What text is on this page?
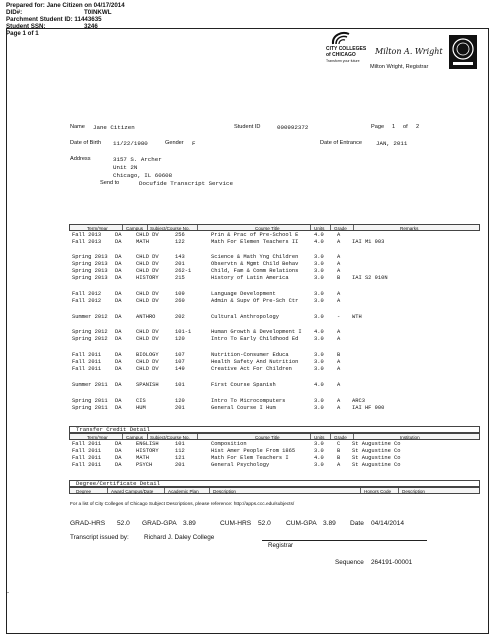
Prepared for: Jane Citizen on 04/17/2014
DID#:	T0INKWL
Parchment Student ID: 11443635
Student SSN:	3246
Page 1 of 1
CITY COLLEGES of CHICAGO
Transform your future
Milton A. Wright
Milton Wright, Registrar
Name Jane Citizen	Student ID	000992372	Page 1 of 2
Date of Birth 11/22/1980	Gender F	Date of Entrance JAN, 2011
Address	3157 S. Archer
Unit 2N
Chicago, IL 60608
Send to	Docufide Transcript Service
Term/Year	Campus Subject/Course No.	Course Title	Units Grade	Remarks
Fall 2013	DA	CHLD DV	256	Prin & Prac of Pre-School E	4.0 A
Fall 2013	DA	MATH	122	Math For Elemen Teachers II	4.0 A IAI M1 903
Spring 2013 DA	CHLD DV	143	Science & Math Yng Children	3.0 A
Spring 2013 DA	CHLD DV	201	Observtn & Mgmt Child Behav	3.0 A
Spring 2013 DA	CHLD DV	262-1	Child, Fam & Comm Relations	3.0 A
Spring 2013 DA	HISTORY	215	History of Latin America	3.0 B IAI S2 910N
Fall 2012	DA	CHLD DV	109	Language Development	3.0 A
Fall 2012	DA	CHLD DV	260	Admin & Supv Of Pre-Sch Ctr	3.0 A
Summer 2012 DA	ANTHRO	202	Cultural Anthropology	3.0 - WTH
Spring 2012 DA	CHLD DV	101-1	Human Growth & Development I 4.0 A
Spring 2012 DA	CHLD DV	120	Intro To Early Childhood Ed	3.0 A
Fall 2011	DA	BIOLOGY	107	Nutrition-Consumer Educa	3.0 B
Fall 2011	DA	CHLD DV	107	Health Safety And Nutrition	3.0 A
Fall 2011	DA	CHLD DV	149	Creative Act For Children	3.0 A
Summer 2011 DA	SPANISH	101	First Course Spanish	4.0 A
Spring 2011 DA	CIS	120	Intro To Microcomputers	3.0 A ARC3
Spring 2011 DA	HUM	201	General Course I Hum	3.0 A IAI HF 900
Transfer Credit Detail
Term/Year	Campus Subject/Course No.	Course Title	Units Grade	Institution
Fall 2011	DA	ENGLISH	101	Composition	3.0 C St Augustine Co
Fall 2011	DA	HISTORY	112	Hist Amer People From 1865	3.0 B St Augustine Co
Fall 2011	DA	MATH	121	Math For Elem Teachers I	4.0 B St Augustine Co
Fall 2011	DA	PSYCH	201	General Psychology	3.0 A St Augustine Co
Degree/Certificate Detail
Degree	Award Campus/Date	Academic Plan	Description	Honors Code Description
For a list of City Colleges of Chicago Subject Descriptions, please reference: http://apps.ccc.edu/subjects/
GRAD-HRS 52.0 GRAD-GPA 3.89	CUM-HRS 52.0 CUM-GPA 3.89 Date 04/14/2014
Transcript issued by: Richard J. Daley College
Registrar
Sequence 264191-00001
-
